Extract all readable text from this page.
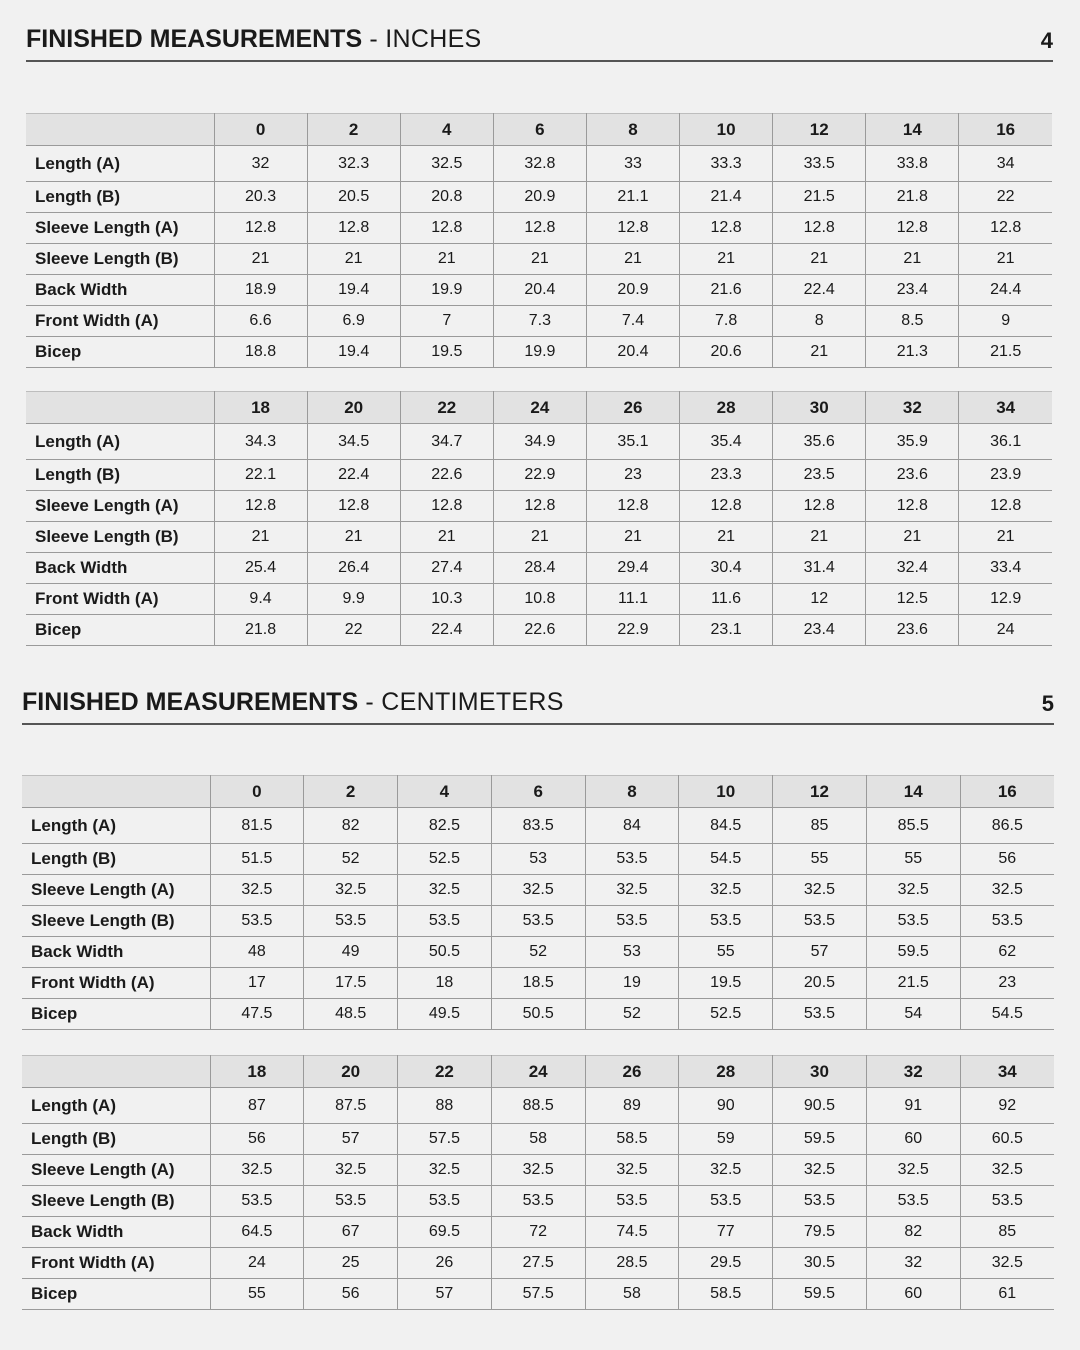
FINISHED MEASUREMENTS - INCHES	4
	0	2	4	6	8	10	12	14	16
Length (A)	32	32.3	32.5	32.8	33	33.3	33.5	33.8	34
Length (B)	20.3	20.5	20.8	20.9	21.1	21.4	21.5	21.8	22
Sleeve Length (A)	12.8	12.8	12.8	12.8	12.8	12.8	12.8	12.8	12.8
Sleeve Length (B)	21	21	21	21	21	21	21	21	21
Back Width	18.9	19.4	19.9	20.4	20.9	21.6	22.4	23.4	24.4
Front Width (A)	6.6	6.9	7	7.3	7.4	7.8	8	8.5	9
Bicep	18.8	19.4	19.5	19.9	20.4	20.6	21	21.3	21.5
	18	20	22	24	26	28	30	32	34
Length (A)	34.3	34.5	34.7	34.9	35.1	35.4	35.6	35.9	36.1
Length (B)	22.1	22.4	22.6	22.9	23	23.3	23.5	23.6	23.9
Sleeve Length (A)	12.8	12.8	12.8	12.8	12.8	12.8	12.8	12.8	12.8
Sleeve Length (B)	21	21	21	21	21	21	21	21	21
Back Width	25.4	26.4	27.4	28.4	29.4	30.4	31.4	32.4	33.4
Front Width (A)	9.4	9.9	10.3	10.8	11.1	11.6	12	12.5	12.9
Bicep	21.8	22	22.4	22.6	22.9	23.1	23.4	23.6	24
FINISHED MEASUREMENTS - CENTIMETERS	5
	0	2	4	6	8	10	12	14	16
Length (A)	81.5	82	82.5	83.5	84	84.5	85	85.5	86.5
Length (B)	51.5	52	52.5	53	53.5	54.5	55	55	56
Sleeve Length (A)	32.5	32.5	32.5	32.5	32.5	32.5	32.5	32.5	32.5
Sleeve Length (B)	53.5	53.5	53.5	53.5	53.5	53.5	53.5	53.5	53.5
Back Width	48	49	50.5	52	53	55	57	59.5	62
Front Width (A)	17	17.5	18	18.5	19	19.5	20.5	21.5	23
Bicep	47.5	48.5	49.5	50.5	52	52.5	53.5	54	54.5
	18	20	22	24	26	28	30	32	34
Length (A)	87	87.5	88	88.5	89	90	90.5	91	92
Length (B)	56	57	57.5	58	58.5	59	59.5	60	60.5
Sleeve Length (A)	32.5	32.5	32.5	32.5	32.5	32.5	32.5	32.5	32.5
Sleeve Length (B)	53.5	53.5	53.5	53.5	53.5	53.5	53.5	53.5	53.5
Back Width	64.5	67	69.5	72	74.5	77	79.5	82	85
Front Width (A)	24	25	26	27.5	28.5	29.5	30.5	32	32.5
Bicep	55	56	57	57.5	58	58.5	59.5	60	61
